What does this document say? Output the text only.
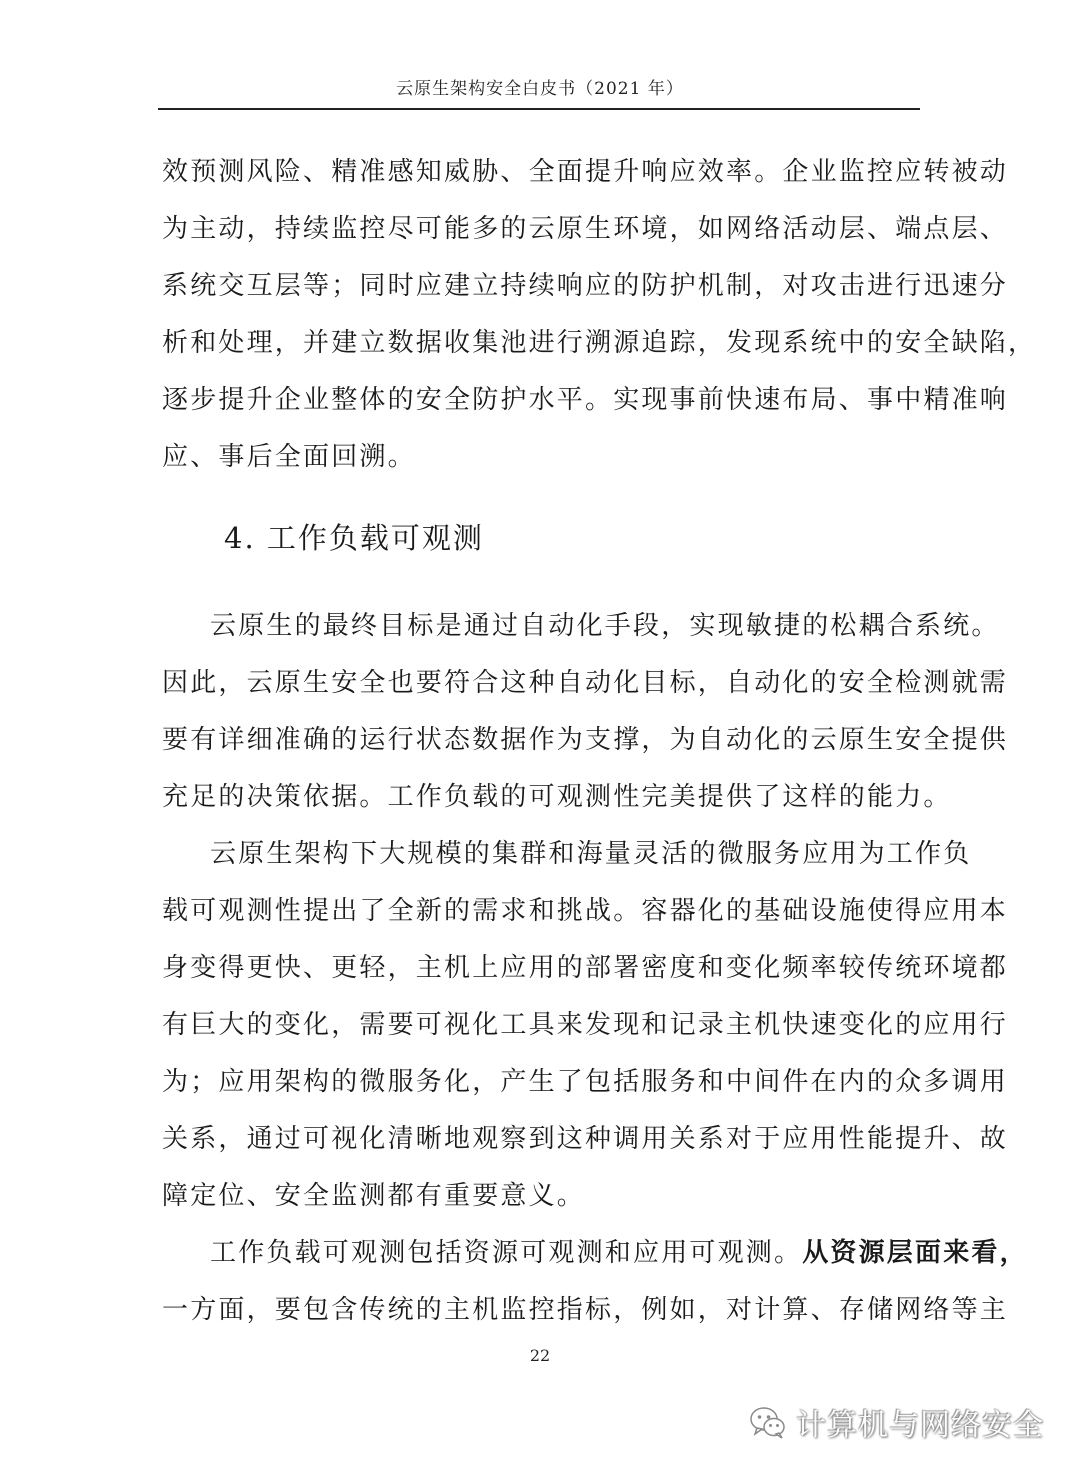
云原生架构安全白皮书（2021 年）
效预测风险、精准感知威胁、全面提升响应效率。企业监控应转被动
为主动，持续监控尽可能多的云原生环境，如网络活动层、端点层、
系统交互层等；同时应建立持续响应的防护机制，对攻击进行迅速分
析和处理，并建立数据收集池进行溯源追踪，发现系统中的安全缺陷，
逐步提升企业整体的安全防护水平。实现事前快速布局、事中精准响
应、事后全面回溯。
4. 工作负载可观测
云原生的最终目标是通过自动化手段，实现敏捷的松耦合系统。
因此，云原生安全也要符合这种自动化目标，自动化的安全检测就需
要有详细准确的运行状态数据作为支撑，为自动化的云原生安全提供
充足的决策依据。工作负载的可观测性完美提供了这样的能力。
云原生架构下大规模的集群和海量灵活的微服务应用为工作负
载可观测性提出了全新的需求和挑战。容器化的基础设施使得应用本
身变得更快、更轻，主机上应用的部署密度和变化频率较传统环境都
有巨大的变化，需要可视化工具来发现和记录主机快速变化的应用行
为；应用架构的微服务化，产生了包括服务和中间件在内的众多调用
关系，通过可视化清晰地观察到这种调用关系对于应用性能提升、故
障定位、安全监测都有重要意义。
工作负载可观测包括资源可观测和应用可观测。从资源层面来看，
一方面，要包含传统的主机监控指标，例如，对计算、存储网络等主
22
计算机与网络安全
